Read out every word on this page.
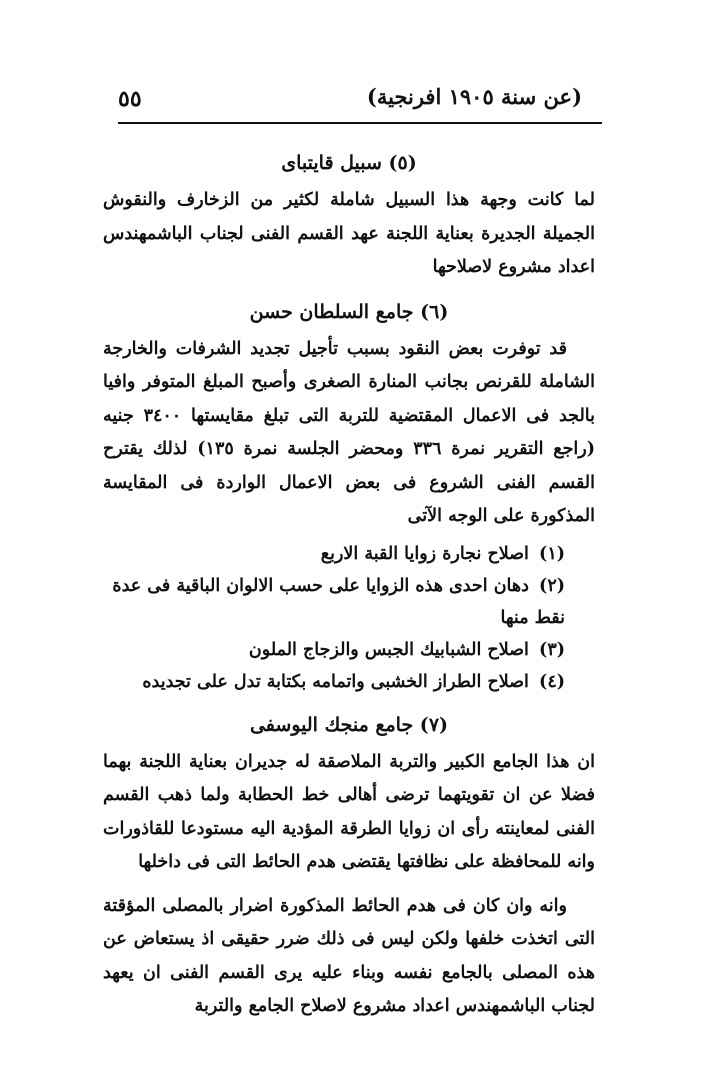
٥٥	(عن سنة ١٩٠٥ افرنجية)
(٥) سبيل قايتباى

لما كانت وجهة هذا السبيل شاملة لكثير من الزخارف والنقوش الجميلة الجديرة بعناية اللجنة عهد القسم الفنى لجناب الباشمهندس اعداد مشروع لاصلاحها

(٦) جامع السلطان حسن

قد توفرت بعض النقود بسبب تأجيل تجديد الشرفات والخارجة الشاملة للقرنص بجانب المنارة الصغرى وأصبح المبلغ المتوفر وافيا بالجد فى الاعمال المقتضية للتربة التى تبلغ مقايستها ٣٤٠٠ جنيه (راجع التقرير نمرة ٣٣٦ ومحضر الجلسة نمرة ١٣٥) لذلك يقترح القسم الفنى الشروع فى بعض الاعمال الواردة فى المقايسة المذكورة على الوجه الآتى

(١) اصلاح نجارة زوايا القبة الاربع
(٢) دهان احدى هذه الزوايا على حسب الالوان الباقية فى عدة نقط منها
(٣) اصلاح الشبابيك الجبس والزجاج الملون
(٤) اصلاح الطراز الخشبى واتمامه بكتابة تدل على تجديده
(٧) جامع منجك اليوسفى

ان هذا الجامع الكبير والتربة الملاصقة له جديران بعناية اللجنة بهما فضلا عن ان تقويتهما ترضى أهالى خط الحطابة ولما ذهب القسم الفنى لمعاينته رأى ان زوايا الطرقة المؤدية اليه مستودعا للقاذورات وانه للمحافظة على نظافتها يقتضى هدم الحائط التى فى داخلها

وانه وان كان فى هدم الحائط المذكورة اضرار بالمصلى المؤقتة التى اتخذت خلفها ولكن ليس فى ذلك ضرر حقيقى اذ يستعاض عن هذه المصلى بالجامع نفسه وبناء عليه يرى القسم الفنى ان يعهد لجناب الباشمهندس اعداد مشروع لاصلاح الجامع والتربة
